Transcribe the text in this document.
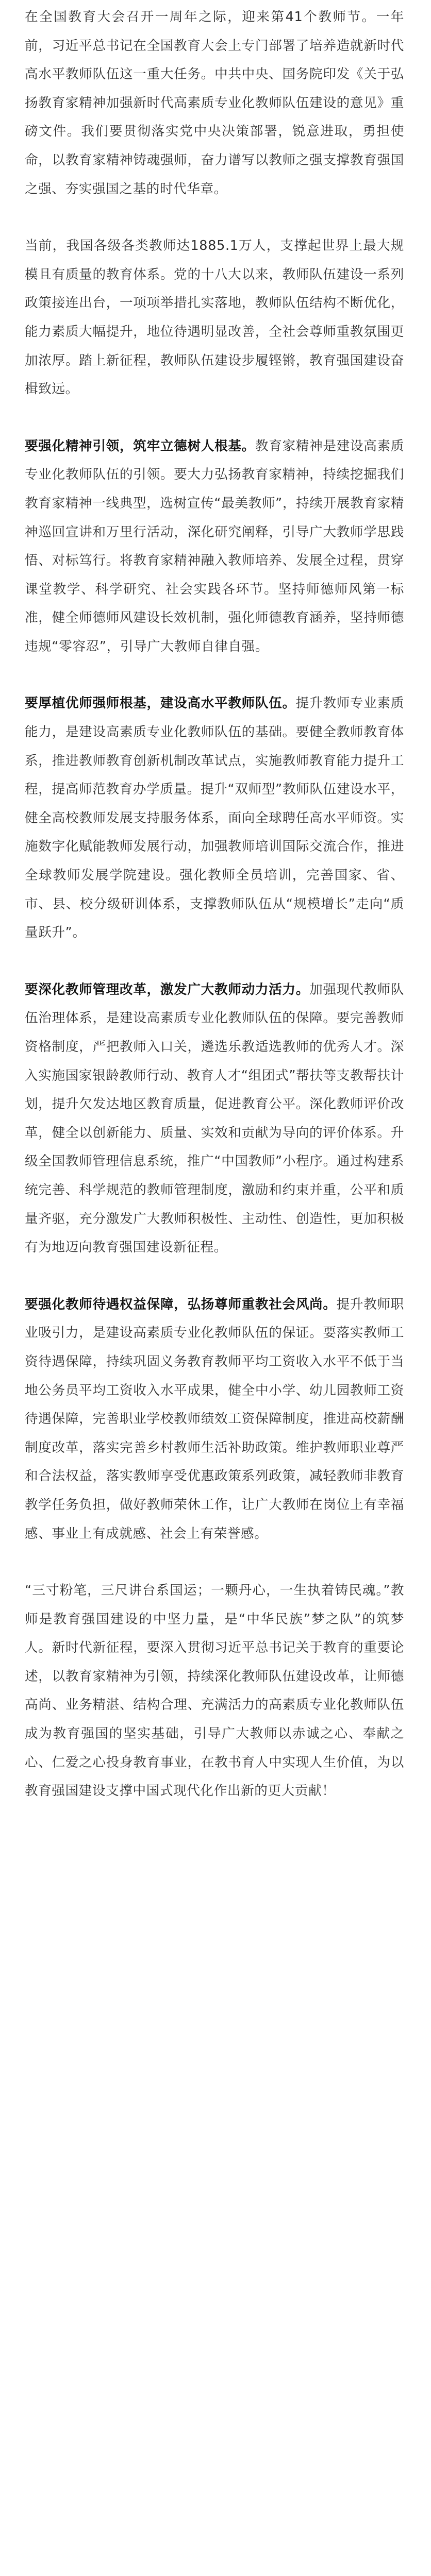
在全国教育大会召开一周年之际，迎来第41个教师节。一年前，习近平总书记在全国教育大会上专门部署了培养造就新时代高水平教师队伍这一重大任务。中共中央、国务院印发《关于弘扬教育家精神加强新时代高素质专业化教师队伍建设的意见》重磅文件。我们要贯彻落实党中央决策部署，锐意进取，勇担使命，以教育家精神铸魂强师，奋力谱写以教师之强支撑教育强国之强、夯实强国之基的时代华章。

当前，我国各级各类教师达1885.1万人，支撑起世界上最大规模且有质量的教育体系。党的十八大以来，教师队伍建设一系列政策接连出台，一项项举措扎实落地，教师队伍结构不断优化，能力素质大幅提升，地位待遇明显改善，全社会尊师重教氛围更加浓厚。踏上新征程，教师队伍建设步履铿锵，教育强国建设奋楫致远。

要强化精神引领，筑牢立德树人根基。教育家精神是建设高素质专业化教师队伍的引领。要大力弘扬教育家精神，持续挖掘我们教育家精神一线典型，选树宣传“最美教师”，持续开展教育家精神巡回宣讲和万里行活动，深化研究阐释，引导广大教师学思践悟、对标笃行。将教育家精神融入教师培养、发展全过程，贯穿课堂教学、科学研究、社会实践各环节。坚持师德师风第一标准，健全师德师风建设长效机制，强化师德教育涵养，坚持师德违规“零容忍”，引导广大教师自律自强。

要厚植优师强师根基，建设高水平教师队伍。提升教师专业素质能力，是建设高素质专业化教师队伍的基础。要健全教师教育体系，推进教师教育创新机制改革试点，实施教师教育能力提升工程，提高师范教育办学质量。提升“双师型”教师队伍建设水平，健全高校教师发展支持服务体系，面向全球聘任高水平师资。实施数字化赋能教师发展行动，加强教师培训国际交流合作，推进全球教师发展学院建设。强化教师全员培训，完善国家、省、市、县、校分级研训体系，支撑教师队伍从“规模增长”走向“质量跃升”。

要深化教师管理改革，激发广大教师动力活力。加强现代教师队伍治理体系，是建设高素质专业化教师队伍的保障。要完善教师资格制度，严把教师入口关，遴选乐教适选教师的优秀人才。深入实施国家银龄教师行动、教育人才“组团式”帮扶等支教帮扶计划，提升欠发达地区教育质量，促进教育公平。深化教师评价改革，健全以创新能力、质量、实效和贡献为导向的评价体系。升级全国教师管理信息系统，推广“中国教师”小程序。通过构建系统完善、科学规范的教师管理制度，激励和约束并重，公平和质量齐驱，充分激发广大教师积极性、主动性、创造性，更加积极有为地迈向教育强国建设新征程。

要强化教师待遇权益保障，弘扬尊师重教社会风尚。提升教师职业吸引力，是建设高素质专业化教师队伍的保证。要落实教师工资待遇保障，持续巩固义务教育教师平均工资收入水平不低于当地公务员平均工资收入水平成果，健全中小学、幼儿园教师工资待遇保障，完善职业学校教师绩效工资保障制度，推进高校薪酬制度改革，落实完善乡村教师生活补助政策。维护教师职业尊严和合法权益，落实教师享受优惠政策系列政策，减轻教师非教育教学任务负担，做好教师荣休工作，让广大教师在岗位上有幸福感、事业上有成就感、社会上有荣誉感。

“三寸粉笔，三尺讲台系国运；一颗丹心，一生执着铸民魂。”教师是教育强国建设的中坚力量，是“中华民族”梦之队”的筑梦人。新时代新征程，要深入贯彻习近平总书记关于教育的重要论述，以教育家精神为引领，持续深化教师队伍建设改革，让师德高尚、业务精湛、结构合理、充满活力的高素质专业化教师队伍成为教育强国的坚实基础，引导广大教师以赤诚之心、奉献之心、仁爱之心投身教育事业，在教书育人中实现人生价值，为以教育强国建设支撑中国式现代化作出新的更大贡献！
